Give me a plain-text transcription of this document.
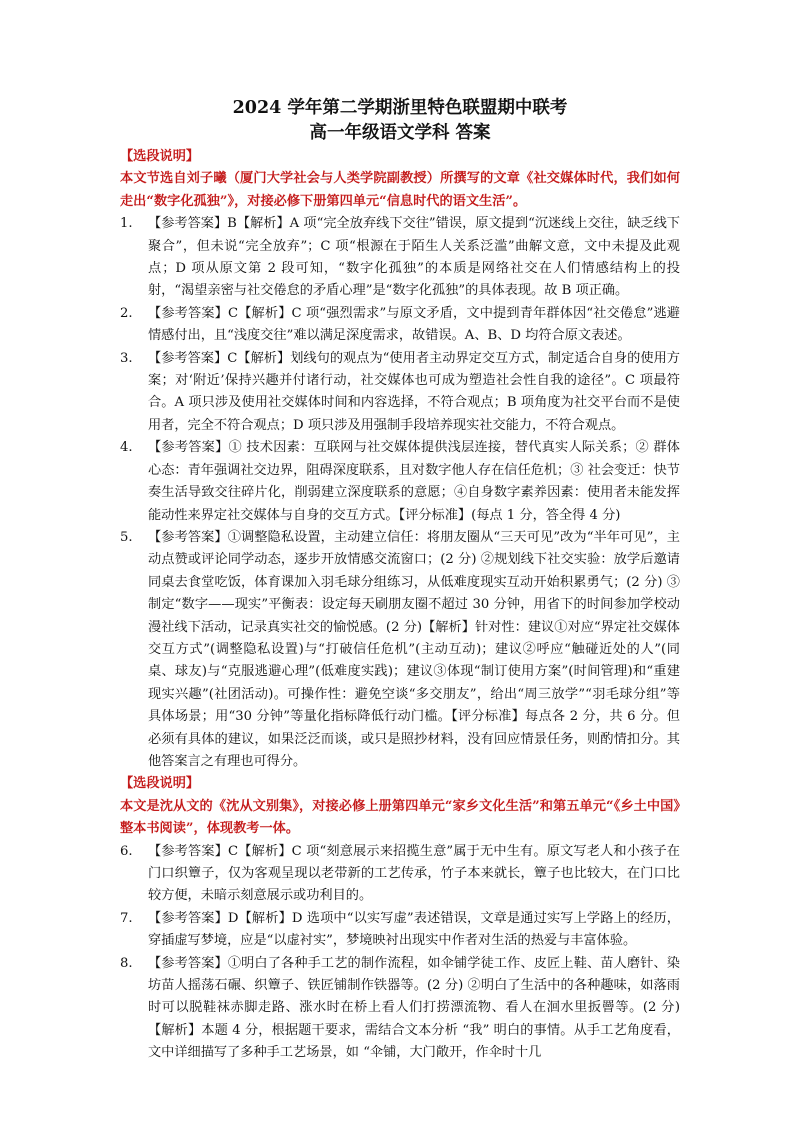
2024 学年第二学期浙里特色联盟期中联考
高一年级语文学科 答案
【选段说明】
本文节选自刘子曦（厦门大学社会与人类学院副教授）所撰写的文章《社交媒体时代，我们如何走出“数字化孤独”》，对接必修下册第四单元“信息时代的语文生活”。
1. 【参考答案】B【解析】A 项“完全放弃线下交往”错误，原文提到“沉迷线上交往，缺乏线下聚合”，但未说“完全放弃”；C 项“根源在于陌生人关系泛滥”曲解文意，文中未提及此观点；D 项从原文第 2 段可知，“数字化孤独”的本质是网络社交在人们情感结构上的投射，“渴望亲密与社交倦怠的矛盾心理”是“数字化孤独”的具体表现。故 B 项正确。
2. 【参考答案】C【解析】C 项“强烈需求”与原文矛盾，文中提到青年群体因“社交倦怠”逃避情感付出，且“浅度交往”难以满足深度需求，故错误。A、B、D 均符合原文表述。
3. 【参考答案】C【解析】划线句的观点为“使用者主动界定交互方式，制定适合自身的使用方案；对‘附近’保持兴趣并付诸行动，社交媒体也可成为塑造社会性自我的途径”。C 项最符合。A 项只涉及使用社交媒体时间和内容选择，不符合观点；B 项角度为社交平台而不是使用者，完全不符合观点；D 项只涉及用强制手段培养现实社交能力，不符合观点。
4. 【参考答案】① 技术因素：互联网与社交媒体提供浅层连接，替代真实人际关系；② 群体心态：青年强调社交边界，阻碍深度联系，且对数字他人存在信任危机；③ 社会变迁：快节奏生活导致交往碎片化，削弱建立深度联系的意愿；④自身数字素养因素：使用者未能发挥能动性来界定社交媒体与自身的交互方式。【评分标准】(每点 1 分，答全得 4 分)
5. 【参考答案】①调整隐私设置，主动建立信任：将朋友圈从“三天可见”改为“半年可见”，主动点赞或评论同学动态，逐步开放情感交流窗口；(2 分) ②规划线下社交实验：放学后邀请同桌去食堂吃饭，体育课加入羽毛球分组练习，从低难度现实互动开始积累勇气；(2 分) ③制定“数字——现实”平衡表：设定每天刷朋友圈不超过 30 分钟，用省下的时间参加学校动漫社线下活动，记录真实社交的愉悦感。(2 分)【解析】针对性：建议①对应“界定社交媒体交互方式”(调整隐私设置)与“打破信任危机”(主动互动)；建议②呼应“触碰近处的人”(同桌、球友)与“克服逃避心理”(低难度实践)；建议③体现“制订使用方案”(时间管理)和“重建现实兴趣”(社团活动)。可操作性：避免空谈“多交朋友”，给出“周三放学”“羽毛球分组”等具体场景；用“30 分钟”等量化指标降低行动门槛。【评分标准】每点各 2 分，共 6 分。但必须有具体的建议，如果泛泛而谈，或只是照抄材料，没有回应情景任务，则酌情扣分。其他答案言之有理也可得分。
【选段说明】
本文是沈从文的《沈从文别集》，对接必修上册第四单元“家乡文化生活”和第五单元“《乡土中国》整本书阅读”，体现教考一体。
6. 【参考答案】C【解析】C 项“刻意展示来招揽生意”属于无中生有。原文写老人和小孩子在门口织簟子，仅为客观呈现以老带新的工艺传承，竹子本来就长，簟子也比较大，在门口比较方便，未暗示刻意展示或功利目的。
7. 【参考答案】D【解析】D 选项中“以实写虚”表述错误，文章是通过实写上学路上的经历，穿插虚写梦境，应是“以虚衬实”，梦境映衬出现实中作者对生活的热爱与丰富体验。
8. 【参考答案】①明白了各种手工艺的制作流程，如伞铺学徒工作、皮匠上鞋、苗人磨针、染坊苗人摇荡石碾、织簟子、铁匠铺制作铁器等。(2 分) ②明白了生活中的各种趣味，如落雨时可以脱鞋袜赤脚走路、涨水时在桥上看人们打捞漂流物、看人在洄水里扳罾等。(2 分)【解析】本题 4 分，根据题干要求，需结合文本分析 “我” 明白的事情。从手工艺角度看，文中详细描写了多种手工艺场景，如 “伞铺，大门敞开，作伞时十几
